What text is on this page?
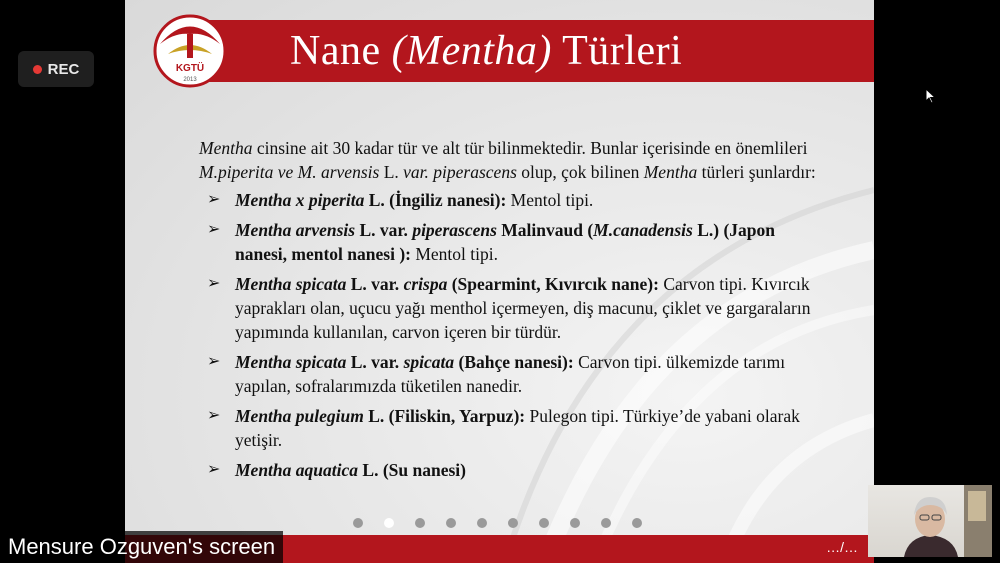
REC	Nane (Mentha) Türleri
KGTÜ
2013

Mentha cinsine ait 30 kadar tür ve alt tür bilinmektedir. Bunlar içerisinde en önemlileri M.piperita ve M. arvensis L. var. piperascens olup, çok bilinen Mentha türleri şunlardır:

➢ Mentha x piperita L. (İngiliz nanesi): Mentol tipi.
➢ Mentha arvensis L. var. piperascens Malinvaud (M.canadensis L.) (Japon nanesi, mentol nanesi ): Mentol tipi.
➢ Mentha spicata L. var. crispa (Spearmint, Kıvırcık nane): Carvon tipi. Kıvırcık yaprakları olan, uçucu yağı menthol içermeyen, diş macunu, çiklet ve gargaraların yapımında kullanılan, carvon içeren bir türdür.
➢ Mentha spicata L. var. spicata (Bahçe nanesi): Carvon tipi. ülkemizde tarımı yapılan, sofralarımızda tüketilen nanedir.
➢ Mentha pulegium L. (Filiskin, Yarpuz): Pulegon tipi. Türkiye’de yabani olarak yetişir.
➢ Mentha aquatica L. (Su nanesi)
…/…
Mensure Ozguven's screen
